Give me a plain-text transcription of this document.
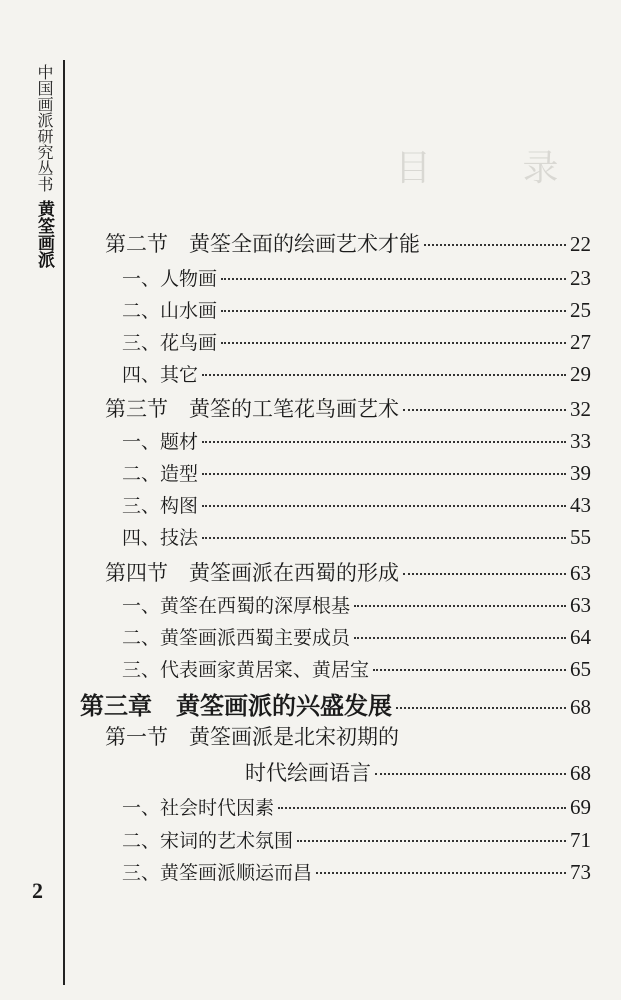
目 录
中国画派研究丛书
黄筌画派 第二节　黄筌全面的绘画艺术才能	22
一、人物画	23
二、山水画	25
三、花鸟画	27
四、其它	29
第三节　黄筌的工笔花鸟画艺术	32
一、题材	33
二、造型	39
三、构图	43
四、技法	55
第四节　黄筌画派在西蜀的形成	63
一、黄筌在西蜀的深厚根基	63
二、黄筌画派西蜀主要成员	64
三、代表画家黄居寀、黄居宝	65
第三章　黄筌画派的兴盛发展	68
第一节　黄筌画派是北宋初期的
时代绘画语言	68
一、社会时代因素	69
二、宋词的艺术氛围	71
三、黄筌画派顺运而昌	73
2
